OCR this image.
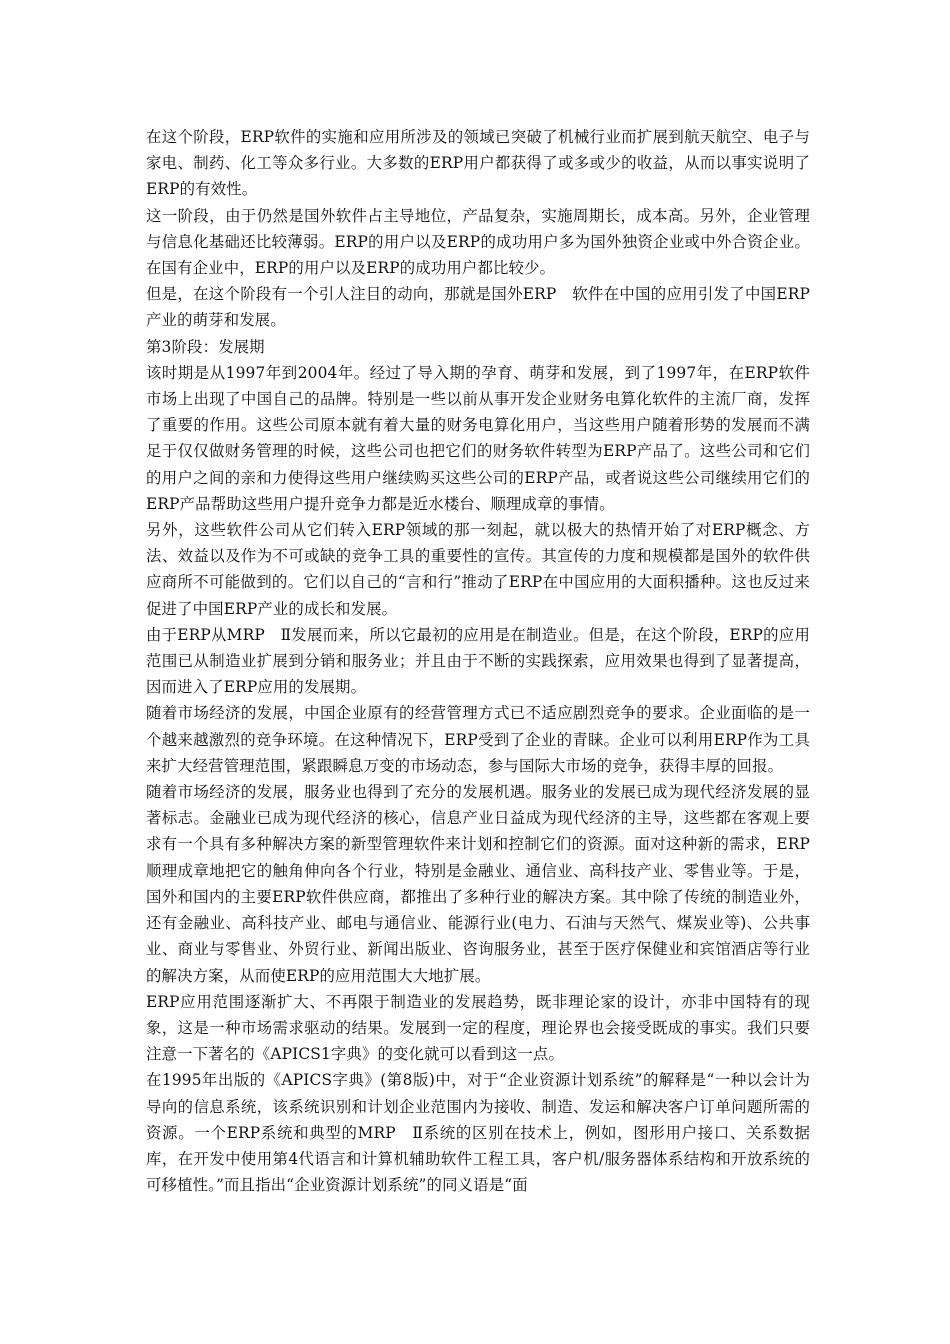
在这个阶段，ERP软件的实施和应用所涉及的领域已突破了机械行业而扩展到航天航空、电子与家电、制药、化工等众多行业。大多数的ERP用户都获得了或多或少的收益，从而以事实说明了ERP的有效性。

这一阶段，由于仍然是国外软件占主导地位，产品复杂，实施周期长，成本高。另外，企业管理与信息化基础还比较薄弱。ERP的用户以及ERP的成功用户多为国外独资企业或中外合资企业。在国有企业中，ERP的用户以及ERP的成功用户都比较少。

但是，在这个阶段有一个引人注目的动向，那就是国外ERP　软件在中国的应用引发了中国ERP产业的萌芽和发展。

第3阶段：发展期

该时期是从1997年到2004年。经过了导入期的孕育、萌芽和发展，到了1997年，在ERP软件市场上出现了中国自己的品牌。特别是一些以前从事开发企业财务电算化软件的主流厂商，发挥了重要的作用。这些公司原本就有着大量的财务电算化用户，当这些用户随着形势的发展而不满足于仅仅做财务管理的时候，这些公司也把它们的财务软件转型为ERP产品了。这些公司和它们的用户之间的亲和力使得这些用户继续购买这些公司的ERP产品，或者说这些公司继续用它们的ERP产品帮助这些用户提升竞争力都是近水楼台、顺理成章的事情。

另外，这些软件公司从它们转入ERP领域的那一刻起，就以极大的热情开始了对ERP概念、方法、效益以及作为不可或缺的竞争工具的重要性的宣传。其宣传的力度和规模都是国外的软件供应商所不可能做到的。它们以自己的“言和行”推动了ERP在中国应用的大面积播种。这也反过来促进了中国ERP产业的成长和发展。

由于ERP从MRP　Ⅱ发展而来，所以它最初的应用是在制造业。但是，在这个阶段，ERP的应用范围已从制造业扩展到分销和服务业；并且由于不断的实践探索，应用效果也得到了显著提高，因而进入了ERP应用的发展期。

随着市场经济的发展，中国企业原有的经营管理方式已不适应剧烈竞争的要求。企业面临的是一个越来越激烈的竞争环境。在这种情况下，ERP受到了企业的青睐。企业可以利用ERP作为工具来扩大经营管理范围，紧跟瞬息万变的市场动态，参与国际大市场的竞争，获得丰厚的回报。

随着市场经济的发展，服务业也得到了充分的发展机遇。服务业的发展已成为现代经济发展的显著标志。金融业已成为现代经济的核心，信息产业日益成为现代经济的主导，这些都在客观上要求有一个具有多种解决方案的新型管理软件来计划和控制它们的资源。面对这种新的需求，ERP顺理成章地把它的触角伸向各个行业，特别是金融业、通信业、高科技产业、零售业等。于是，国外和国内的主要ERP软件供应商，都推出了多种行业的解决方案。其中除了传统的制造业外，还有金融业、高科技产业、邮电与通信业、能源行业(电力、石油与天然气、煤炭业等)、公共事业、商业与零售业、外贸行业、新闻出版业、咨询服务业，甚至于医疗保健业和宾馆酒店等行业的解决方案，从而使ERP的应用范围大大地扩展。

ERP应用范围逐渐扩大、不再限于制造业的发展趋势，既非理论家的设计，亦非中国特有的现象，这是一种市场需求驱动的结果。发展到一定的程度，理论界也会接受既成的事实。我们只要注意一下著名的《APICS1字典》的变化就可以看到这一点。

在1995年出版的《APICS字典》(第8版)中，对于“企业资源计划系统”的解释是“一种以会计为导向的信息系统，该系统识别和计划企业范围内为接收、制造、发运和解决客户订单问题所需的资源。一个ERP系统和典型的MRP　Ⅱ系统的区别在技术上，例如，图形用户接口、关系数据库，在开发中使用第4代语言和计算机辅助软件工程工具，客户机/服务器体系结构和开放系统的可移植性。”而且指出“企业资源计划系统”的同义语是“面
